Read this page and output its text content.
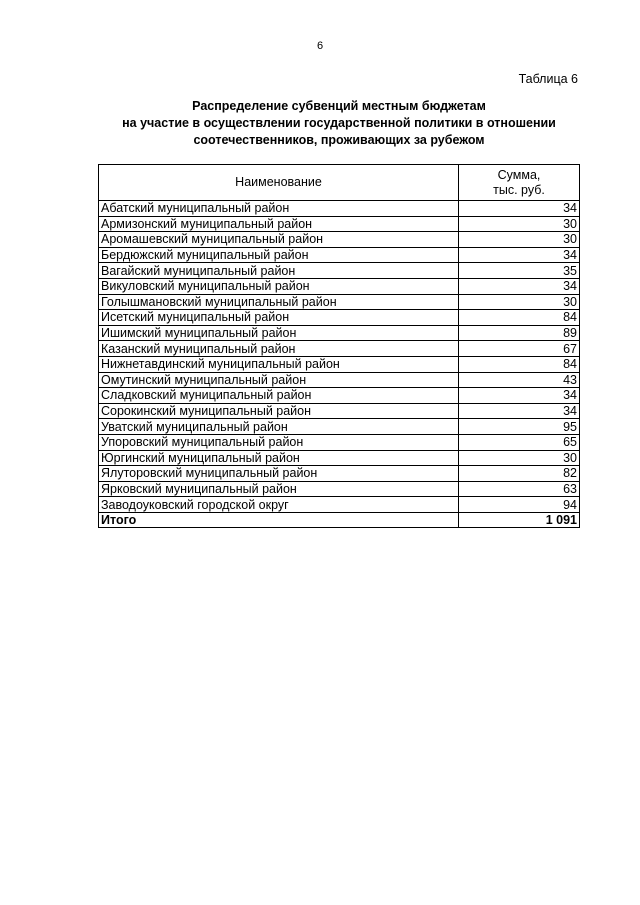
6
Таблица 6
Распределение субвенций местным бюджетам
на участие в осуществлении государственной политики в отношении
соотечественников, проживающих за рубежом
Наименование	Сумма,
тыс. руб.

Абатский муниципальный район	34
Армизонский муниципальный район	30
Аромашевский муниципальный район	30
Бердюжский муниципальный район	34
Вагайский муниципальный район	35
Викуловский муниципальный район	34
Голышмановский муниципальный район	30
Исетский муниципальный район	84
Ишимский муниципальный район	89
Казанский муниципальный район	67
Нижнетавдинский муниципальный район	84
Омутинский муниципальный район	43
Сладковский муниципальный район	34
Сорокинский муниципальный район	34
Уватский муниципальный район	95
Упоровский муниципальный район	65
Юргинский муниципальный район	30
Ялуторовский муниципальный район	82
Ярковский муниципальный район	63
Заводоуковский городской округ	94
Итого	1 091
